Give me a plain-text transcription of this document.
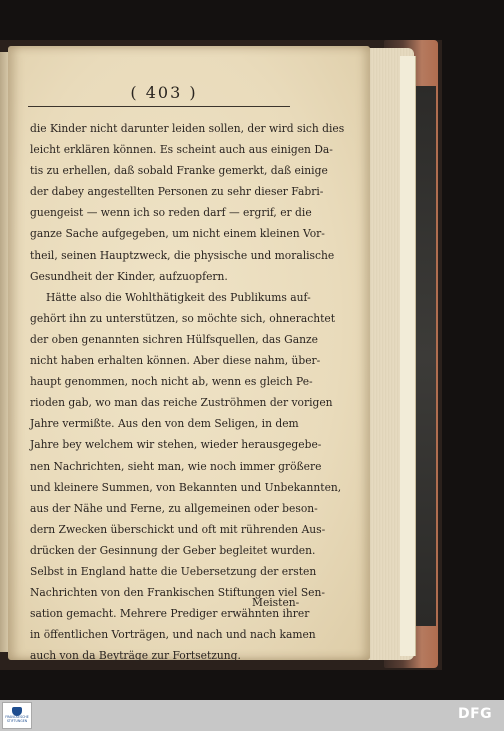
( 403 )
die Kinder nicht darunter leiden sollen, der wird sich dies
leicht erklären können. Es scheint auch aus einigen Da-
tis zu erhellen, daß sobald Franke gemerkt, daß einige
der dabey angestellten Personen zu sehr dieser Fabri-
guengeist — wenn ich so reden darf — ergrif, er die
ganze Sache aufgegeben, um nicht einem kleinen Vor-
theil, seinen Hauptzweck, die physische und moralische
Gesundheit der Kinder, aufzuopfern.
Hätte also die Wohlthätigkeit des Publikums auf-
gehört ihn zu unterstützen, so möchte sich, ohnerachtet
der oben genannten sichren Hülfsquellen, das Ganze
nicht haben erhalten können. Aber diese nahm, über-
haupt genommen, noch nicht ab, wenn es gleich Pe-
rioden gab, wo man das reiche Zuströhmen der vorigen
Jahre vermißte. Aus den von dem Seligen, in dem
Jahre bey welchem wir stehen, wieder herausgegebe-
nen Nachrichten, sieht man, wie noch immer größere
und kleinere Summen, von Bekannten und Unbekannten,
aus der Nähe und Ferne, zu allgemeinen oder beson-
dern Zwecken überschickt und oft mit rührenden Aus-
drücken der Gesinnung der Geber begleitet wurden.
Selbst in England hatte die Uebersetzung der ersten
Nachrichten von den Frankischen Stiftungen viel Sen-
sation gemacht. Mehrere Prediger erwähnten ihrer
in öffentlichen Vorträgen, und nach und nach kamen
auch von da Beyträge zur Fortsetzung.
Meisten-
FRANCKESCHE STIFTUNGEN	DFG
